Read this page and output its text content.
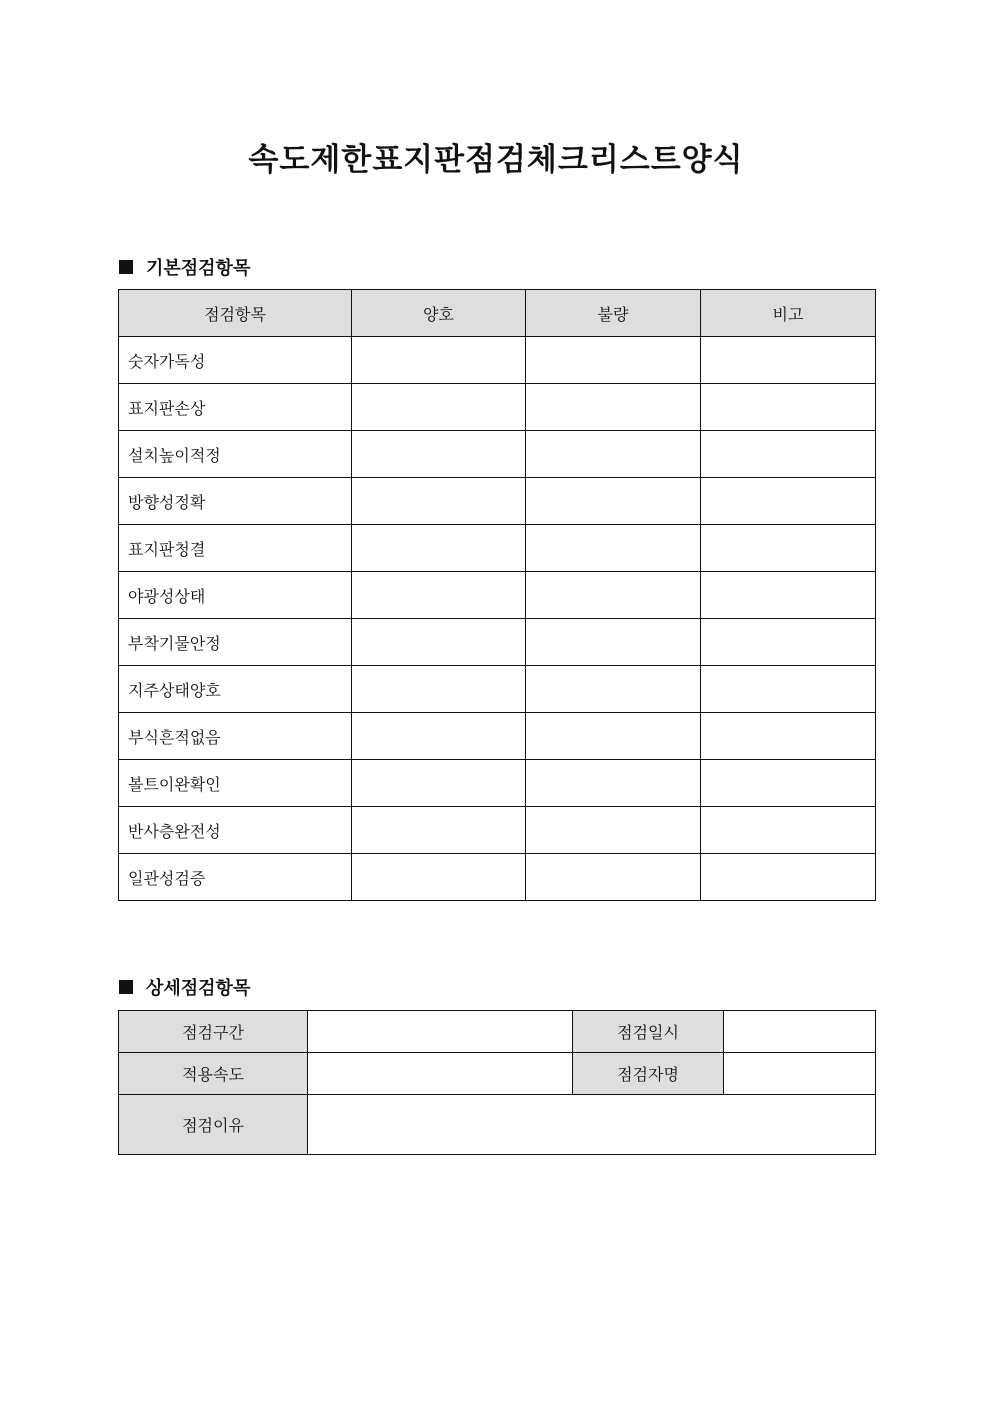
속도제한표지판점검체크리스트양식
기본점검항목
점검항목	양호	불량	비고
숫자가독성			
표지판손상			
설치높이적정			
방향성정확			
표지판청결			
야광성상태			
부착기물안정			
지주상태양호			
부식흔적없음			
볼트이완확인			
반사층완전성			
일관성검증			
상세점검항목
점검구간		점검일시	
적용속도		점검자명	
점검이유			
